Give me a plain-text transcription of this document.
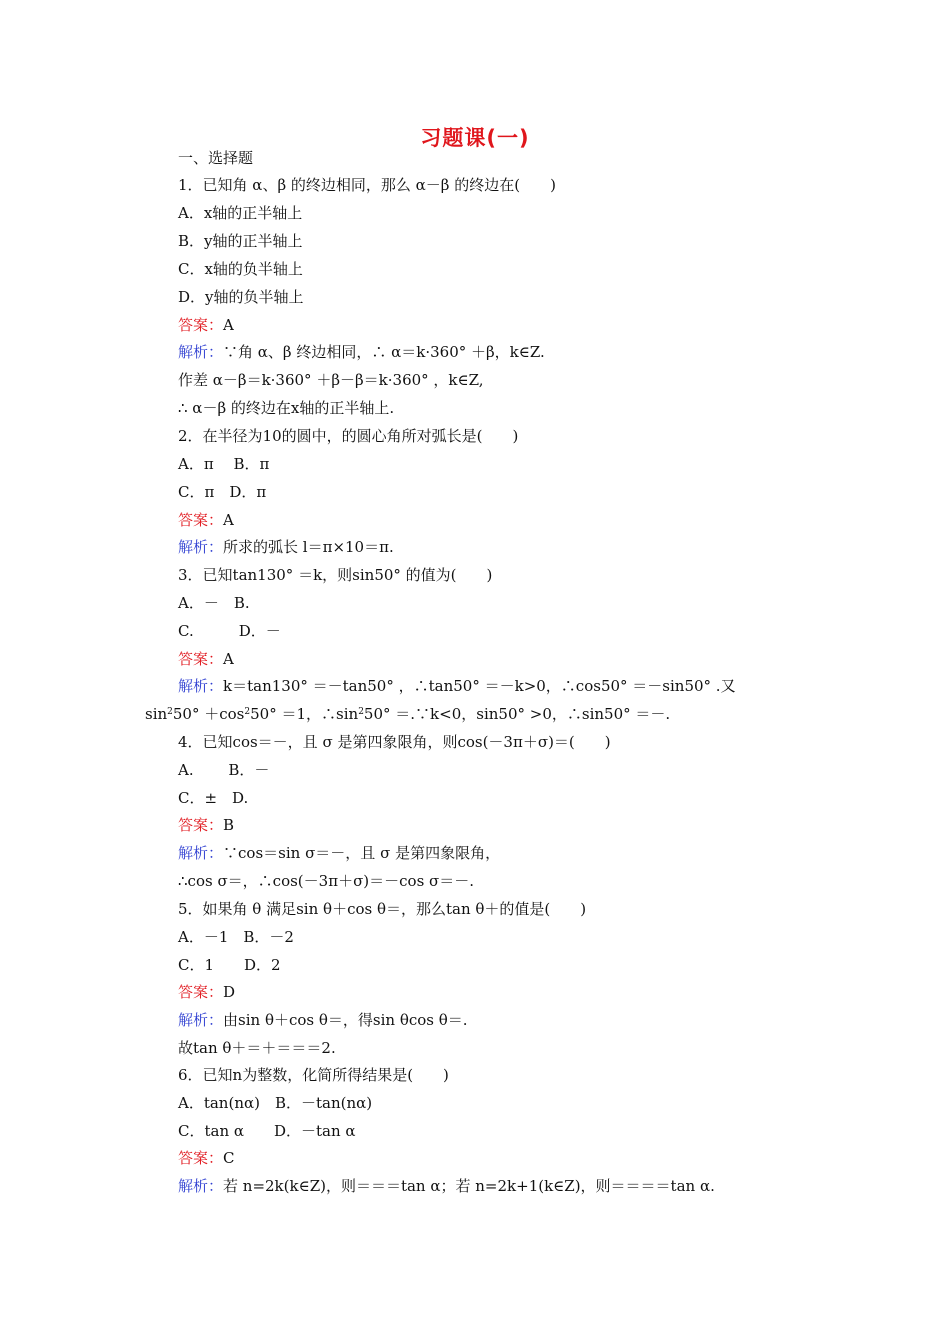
习题课(一)
一、选择题
1．已知角 α、β 的终边相同，那么 α－β 的终边在(　　)
A．x轴的正半轴上
B．y轴的正半轴上
C．x轴的负半轴上
D．y轴的负半轴上
答案：A
解析：∵角 α、β 终边相同，∴ α＝k·360° ＋β，k∈Z.
作差 α－β＝k·360° ＋β－β＝k·360° ，k∈Z,
∴ α－β 的终边在x轴的正半轴上.
2．在半径为10的圆中，的圆心角所对弧长是(　　)
A．π　 B．π
C．π　D．π
答案：A
解析：所求的弧长 l＝π×10＝π.
3．已知tan130° ＝k，则sin50° 的值为(　　)
A．－　B.
C.　　　D．－
答案：A
解析：k＝tan130° ＝－tan50° ，∴tan50° ＝－k>0，∴cos50° ＝－sin50° .又
$\sin^250^\circ +\cos^250^\circ =1$，$\therefore\sin^250^\circ$ ＝.∵k<0，sin50° >0，∴sin50° ＝－.
4．已知cos＝－，且 σ 是第四象限角，则cos(－3π＋σ)＝(　　)
A.　　 B．－
C．±　D.
答案：B
解析：∵cos＝sin σ＝－，且 σ 是第四象限角，
∴cos σ＝，∴cos(－3π＋σ)＝－cos σ＝－.
5．如果角 θ 满足sin θ＋cos θ＝，那么tan θ＋的值是(　　)
A．－1　B．－2
C．1　　D．2
答案：D
解析：由sin θ＋cos θ＝，得sin θcos θ＝.
故tan θ＋＝＋＝＝＝2.
6．已知n为整数，化简所得结果是(　　)
A．tan(nα)　B．－tan(nα)
C．tan α　　D．－tan α
答案：C
解析：若 n=2k(k∈Z)，则＝＝＝tan α；若 n=2k+1(k∈Z)，则＝＝＝＝tan α.
